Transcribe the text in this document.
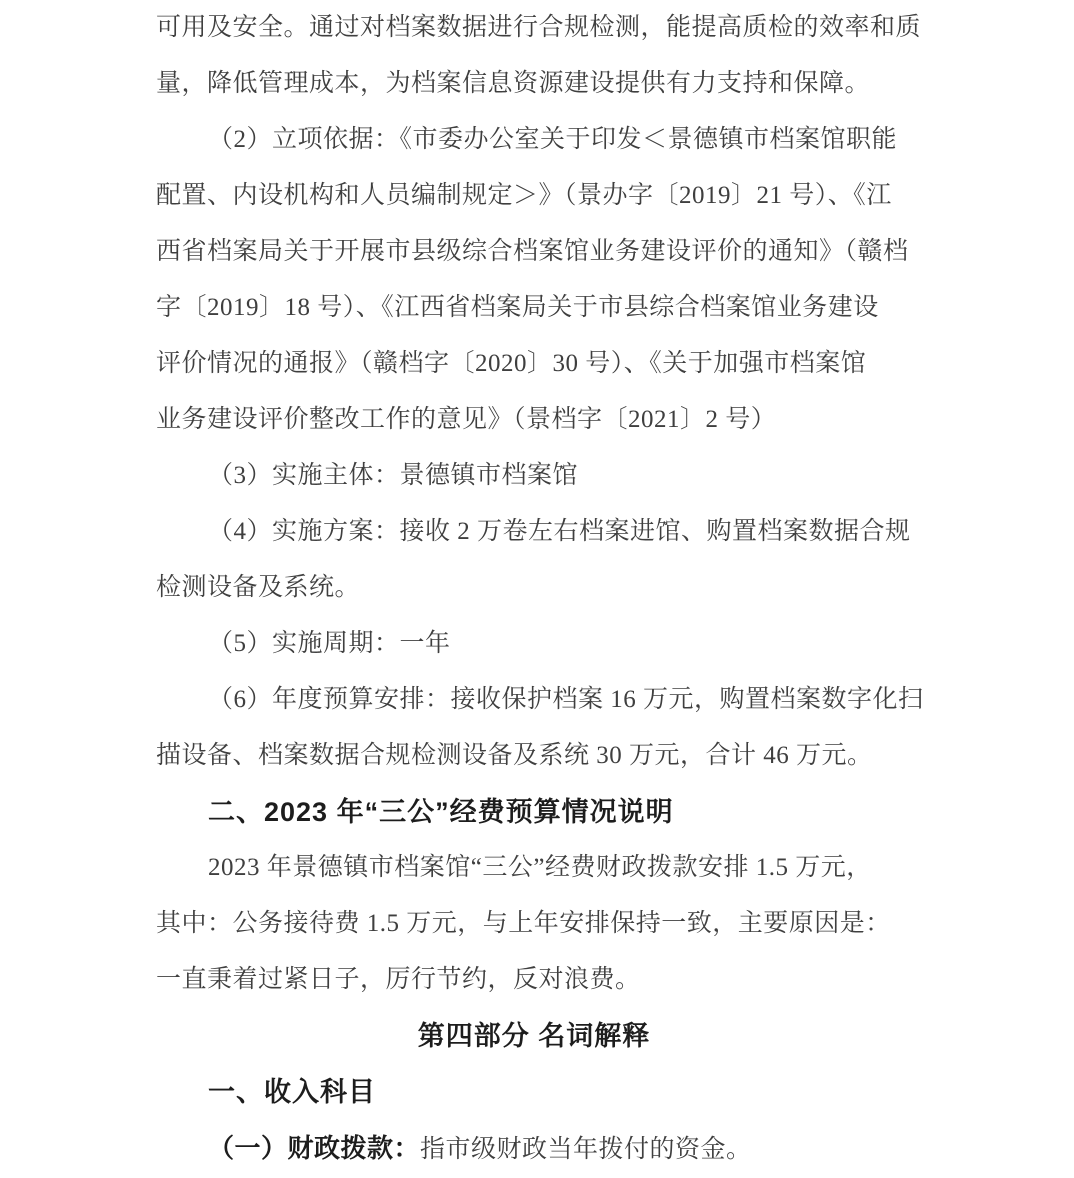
可用及安全。通过对档案数据进行合规检测，能提高质检的效率和质
量，降低管理成本，为档案信息资源建设提供有力支持和保障。
（2）立项依据：《市委办公室关于印发＜景德镇市档案馆职能
配置、内设机构和人员编制规定＞》（景办字〔2019〕21 号）、《江
西省档案局关于开展市县级综合档案馆业务建设评价的通知》（赣档
字〔2019〕18 号）、《江西省档案局关于市县综合档案馆业务建设
评价情况的通报》（赣档字〔2020〕30 号）、《关于加强市档案馆
业务建设评价整改工作的意见》（景档字〔2021〕2 号）
（3）实施主体：景德镇市档案馆
（4）实施方案：接收 2 万卷左右档案进馆、购置档案数据合规
检测设备及系统。
（5）实施周期：一年
（6）年度预算安排：接收保护档案 16 万元，购置档案数字化扫
描设备、档案数据合规检测设备及系统 30 万元，合计 46 万元。
二、2023 年“三公”经费预算情况说明
2023 年景德镇市档案馆“三公”经费财政拨款安排 1.5 万元，
其中：公务接待费 1.5 万元，与上年安排保持一致，主要原因是：
一直秉着过紧日子，厉行节约，反对浪费。
第四部分 名词解释
一、收入科目
（一）财政拨款：指市级财政当年拨付的资金。
